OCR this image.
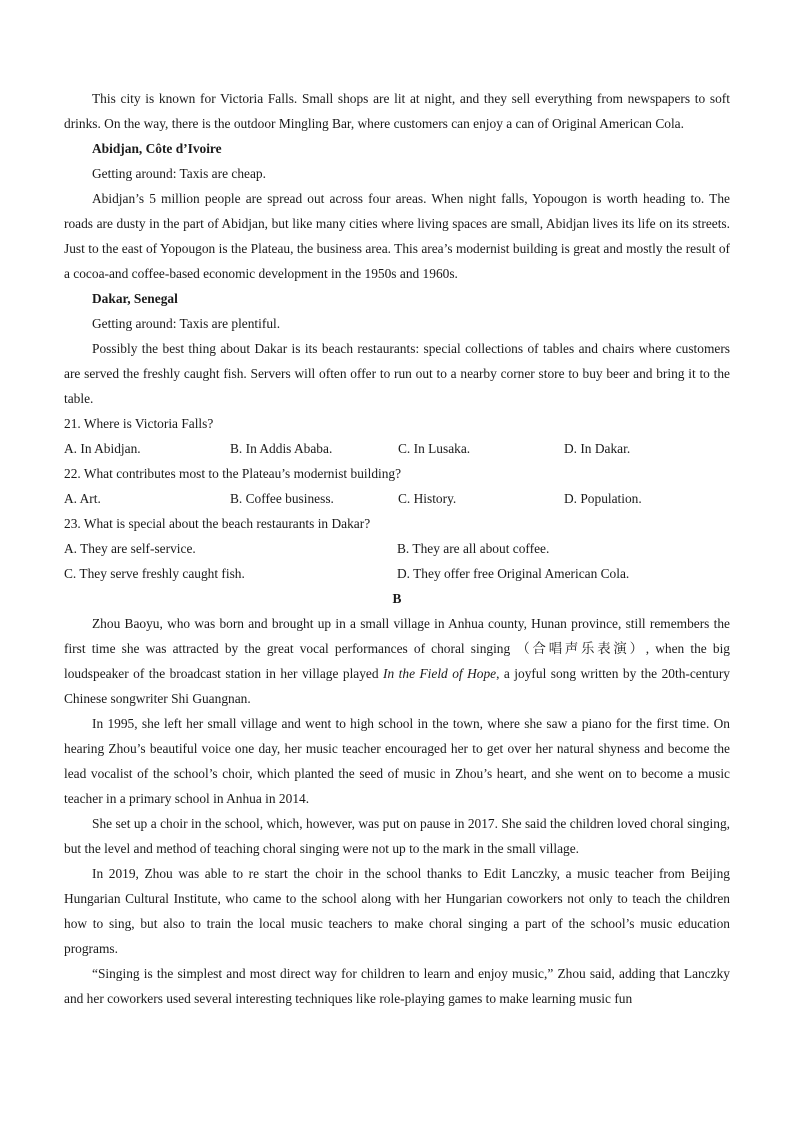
This city is known for Victoria Falls. Small shops are lit at night, and they sell everything from newspapers to soft drinks. On the way, there is the outdoor Mingling Bar, where customers can enjoy a can of Original American Cola.

Abidjan, Côte d’Ivoire

Getting around: Taxis are cheap.

Abidjan’s 5 million people are spread out across four areas. When night falls, Yopougon is worth heading to. The roads are dusty in the part of Abidjan, but like many cities where living spaces are small, Abidjan lives its life on its streets. Just to the east of Yopougon is the Plateau, the business area. This area’s modernist building is great and mostly the result of a cocoa-and coffee-based economic development in the 1950s and 1960s.

Dakar, Senegal

Getting around: Taxis are plentiful.

Possibly the best thing about Dakar is its beach restaurants: special collections of tables and chairs where customers are served the freshly caught fish. Servers will often offer to run out to a nearby corner store to buy beer and bring it to the table.

21. Where is Victoria Falls?

A. In Abidjan.	B. In Addis Ababa.	C. In Lusaka.	D. In Dakar.

22. What contributes most to the Plateau’s modernist building?

A. Art.	B. Coffee business.	C. History.	D. Population.

23. What is special about the beach restaurants in Dakar?

A. They are self-service.	B. They are all about coffee.
C. They serve freshly caught fish.	D. They offer free Original American Cola.

B

Zhou Baoyu, who was born and brought up in a small village in Anhua county, Hunan province, still remembers the first time she was attracted by the great vocal performances of choral singing （合唱声乐表演）, when the big loudspeaker of the broadcast station in her village played In the Field of Hope, a joyful song written by the 20th-century Chinese songwriter Shi Guangnan.

In 1995, she left her small village and went to high school in the town, where she saw a piano for the first time. On hearing Zhou’s beautiful voice one day, her music teacher encouraged her to get over her natural shyness and become the lead vocalist of the school’s choir, which planted the seed of music in Zhou’s heart, and she went on to become a music teacher in a primary school in Anhua in 2014.

She set up a choir in the school, which, however, was put on pause in 2017. She said the children loved choral singing, but the level and method of teaching choral singing were not up to the mark in the small village.

In 2019, Zhou was able to re start the choir in the school thanks to Edit Lanczky, a music teacher from Beijing Hungarian Cultural Institute, who came to the school along with her Hungarian coworkers not only to teach the children how to sing, but also to train the local music teachers to make choral singing a part of the school’s music education programs.

“Singing is the simplest and most direct way for children to learn and enjoy music,” Zhou said, adding that Lanczky and her coworkers used several interesting techniques like role-playing games to make learning music fun
